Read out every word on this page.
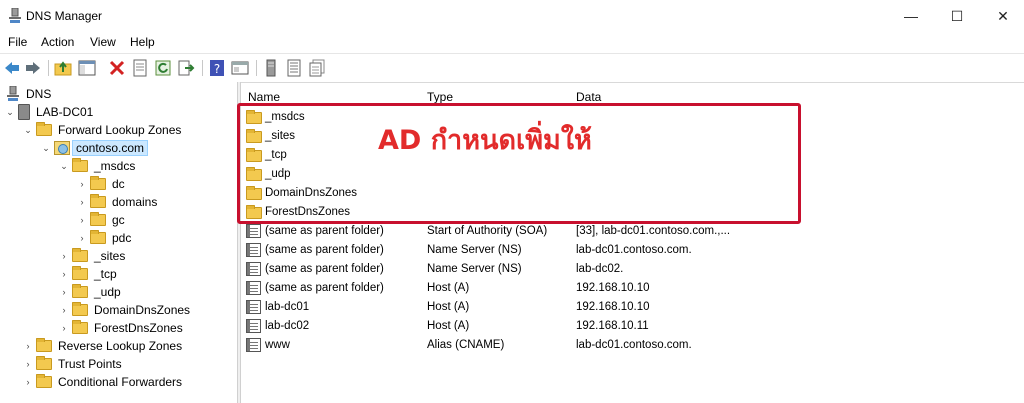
DNS Manager	—	☐	✕
File Action View Help
?
DNS
⌄ LAB-DC01
⌄ Forward Lookup Zones
⌄	contoso.com
⌄ _msdcs
›	dc
›	domains
›	gc
›	pdc
›	_sites
›	_tcp
›	_udp
›	DomainDnsZones
›	ForestDnsZones
›	Reverse Lookup Zones
›	Trust Points
›	Conditional Forwarders
Name	Type	Data
_msdcs
_sites
_tcp
_udp
DomainDnsZones
ForestDnsZones
(same as parent folder)	Start of Authority (SOA)	[33], lab-dc01.contoso.com.,...
(same as parent folder)	Name Server (NS)	lab-dc01.contoso.com.
(same as parent folder)	Name Server (NS)	lab-dc02.
(same as parent folder)	Host (A)	192.168.10.10
lab-dc01	Host (A)	192.168.10.10
lab-dc02	Host (A)	192.168.10.11
www	Alias (CNAME)	lab-dc01.contoso.com.
AD กำหนดเพิ่มให้
